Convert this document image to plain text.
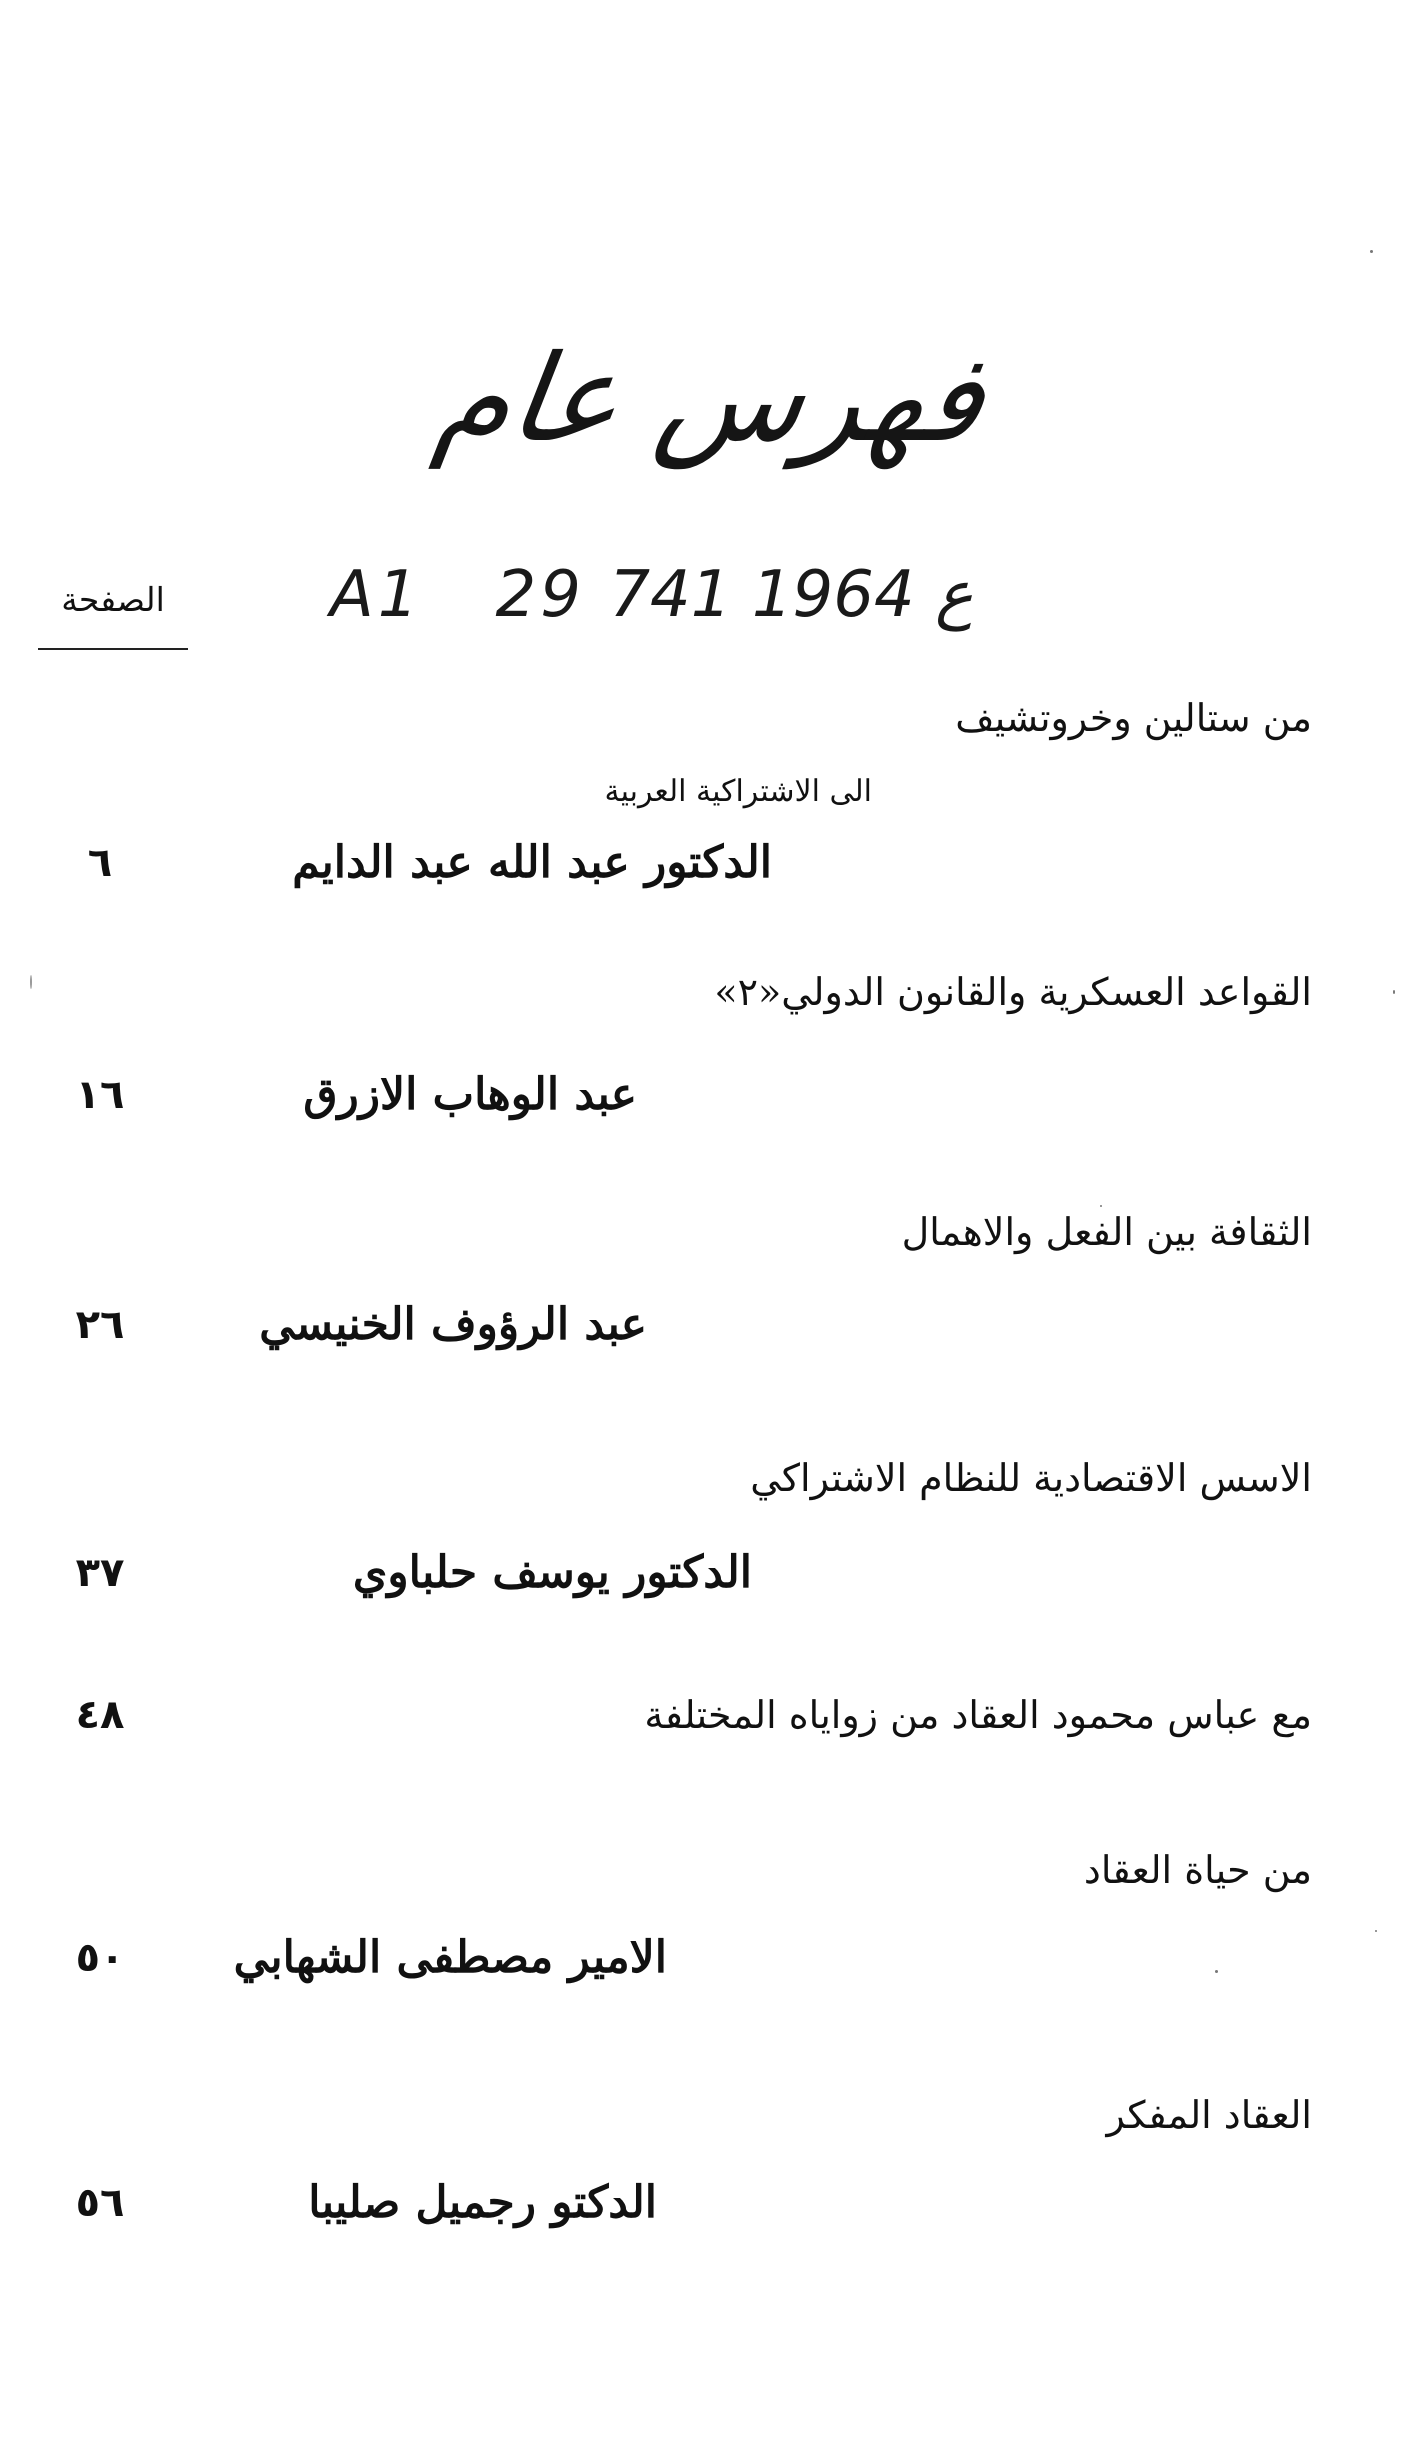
فهرس عام
A1   29 ع 1964 741
الصفحة
من ستالين وخروتشيف
الى الاشتراكية العربية
الدكتور عبد الله عبد الدايم
٦
القواعد العسكرية والقانون الدولي«٢»
عبد الوهاب الازرق
١٦
الثقافة بين الفعل والاهمال
عبد الرؤوف الخنيسي
٢٦
الاسس الاقتصادية للنظام الاشتراكي
الدكتور يوسف حلباوي
٣٧
مع عباس محمود العقاد من زواياه المختلفة
٤٨
من حياة العقاد
الامير مصطفى الشهابي
٥٠
العقاد المفكر
الدكتو رجميل صليبا
٥٦
